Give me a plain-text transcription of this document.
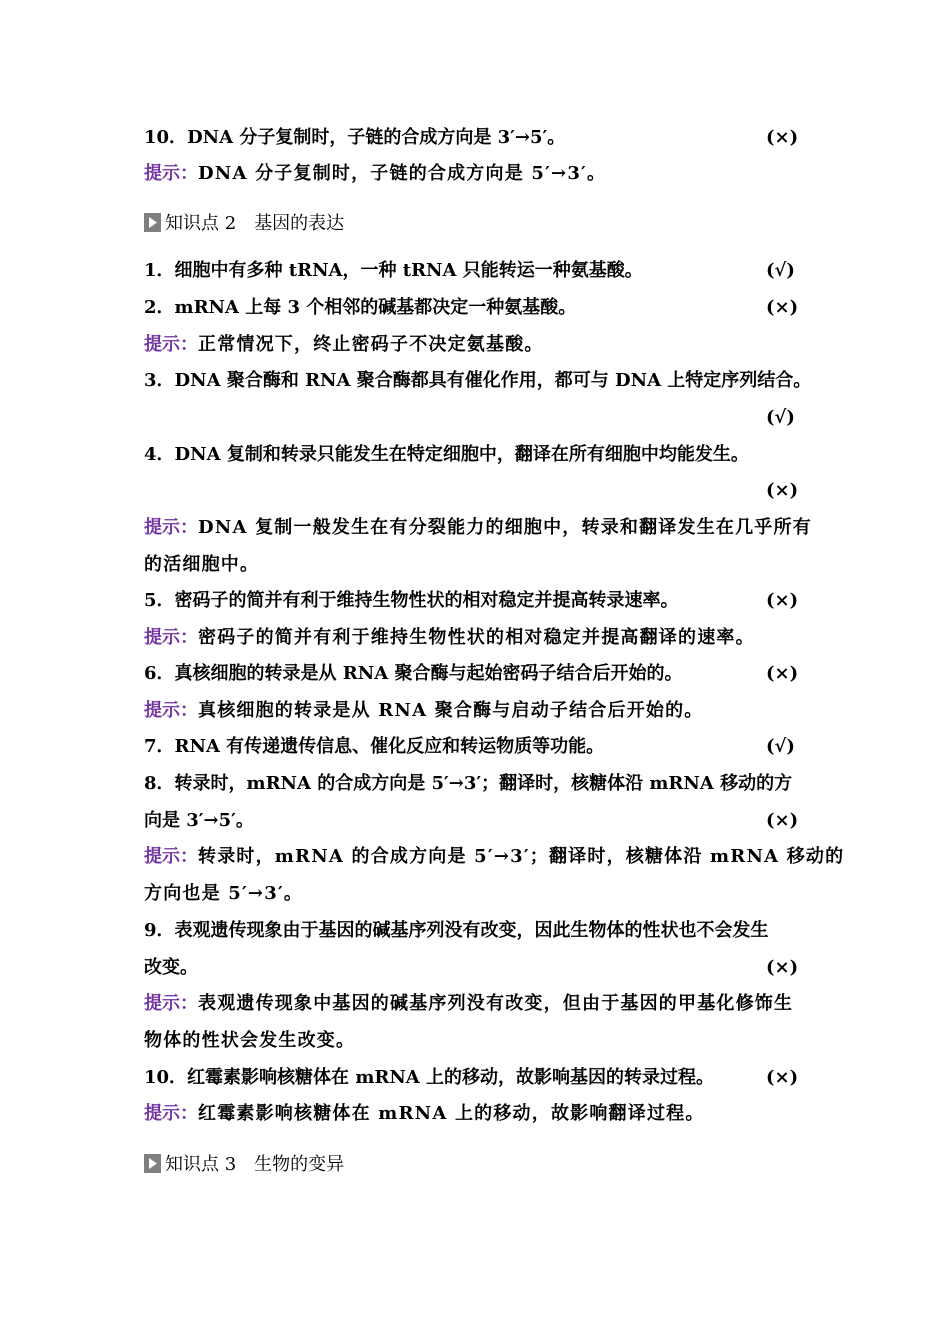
10．DNA 分子复制时，子链的合成方向是 3′→5′。	(×)
提示：DNA 分子复制时，子链的合成方向是 5′→3′。
知识点 2　基因的表达
1．细胞中有多种 tRNA，一种 tRNA 只能转运一种氨基酸。	(√)
2．mRNA 上每 3 个相邻的碱基都决定一种氨基酸。	(×)
提示：正常情况下，终止密码子不决定氨基酸。
3．DNA 聚合酶和 RNA 聚合酶都具有催化作用，都可与 DNA 上特定序列结合。
(√)
4．DNA 复制和转录只能发生在特定细胞中，翻译在所有细胞中均能发生。
(×)
提示：DNA 复制一般发生在有分裂能力的细胞中，转录和翻译发生在几乎所有
的活细胞中。
5．密码子的简并有利于维持生物性状的相对稳定并提高转录速率。	(×)
提示：密码子的简并有利于维持生物性状的相对稳定并提高翻译的速率。
6．真核细胞的转录是从 RNA 聚合酶与起始密码子结合后开始的。	(×)
提示：真核细胞的转录是从 RNA 聚合酶与启动子结合后开始的。
7．RNA 有传递遗传信息、催化反应和转运物质等功能。	(√)
8．转录时，mRNA 的合成方向是 5′→3′；翻译时，核糖体沿 mRNA 移动的方
向是 3′→5′。	(×)
提示：转录时，mRNA 的合成方向是 5′→3′；翻译时，核糖体沿 mRNA 移动的
方向也是 5′→3′。
9．表观遗传现象由于基因的碱基序列没有改变，因此生物体的性状也不会发生
改变。	(×)
提示：表观遗传现象中基因的碱基序列没有改变，但由于基因的甲基化修饰生
物体的性状会发生改变。
10．红霉素影响核糖体在 mRNA 上的移动，故影响基因的转录过程。	(×)
提示：红霉素影响核糖体在 mRNA 上的移动，故影响翻译过程。
知识点 3　生物的变异
